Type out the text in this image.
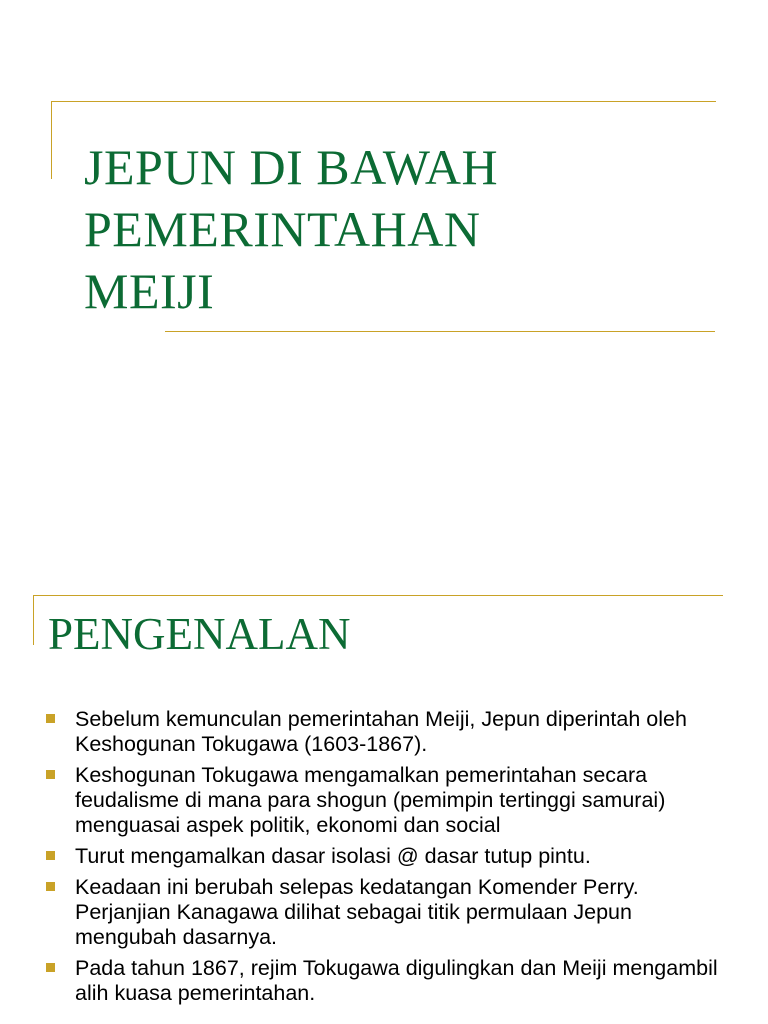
JEPUN DI BAWAH
PEMERINTAHAN
MEIJI
PENGENALAN
Sebelum kemunculan pemerintahan Meiji, Jepun diperintah oleh Keshogunan Tokugawa (1603-1867).
Keshogunan Tokugawa mengamalkan pemerintahan secara feudalisme di mana para shogun (pemimpin tertinggi samurai) menguasai aspek politik, ekonomi dan social
Turut mengamalkan dasar isolasi @ dasar tutup pintu.
Keadaan ini berubah selepas kedatangan Komender Perry. Perjanjian Kanagawa dilihat sebagai titik permulaan Jepun mengubah dasarnya.
Pada tahun 1867, rejim Tokugawa digulingkan dan Meiji mengambil alih kuasa pemerintahan.
